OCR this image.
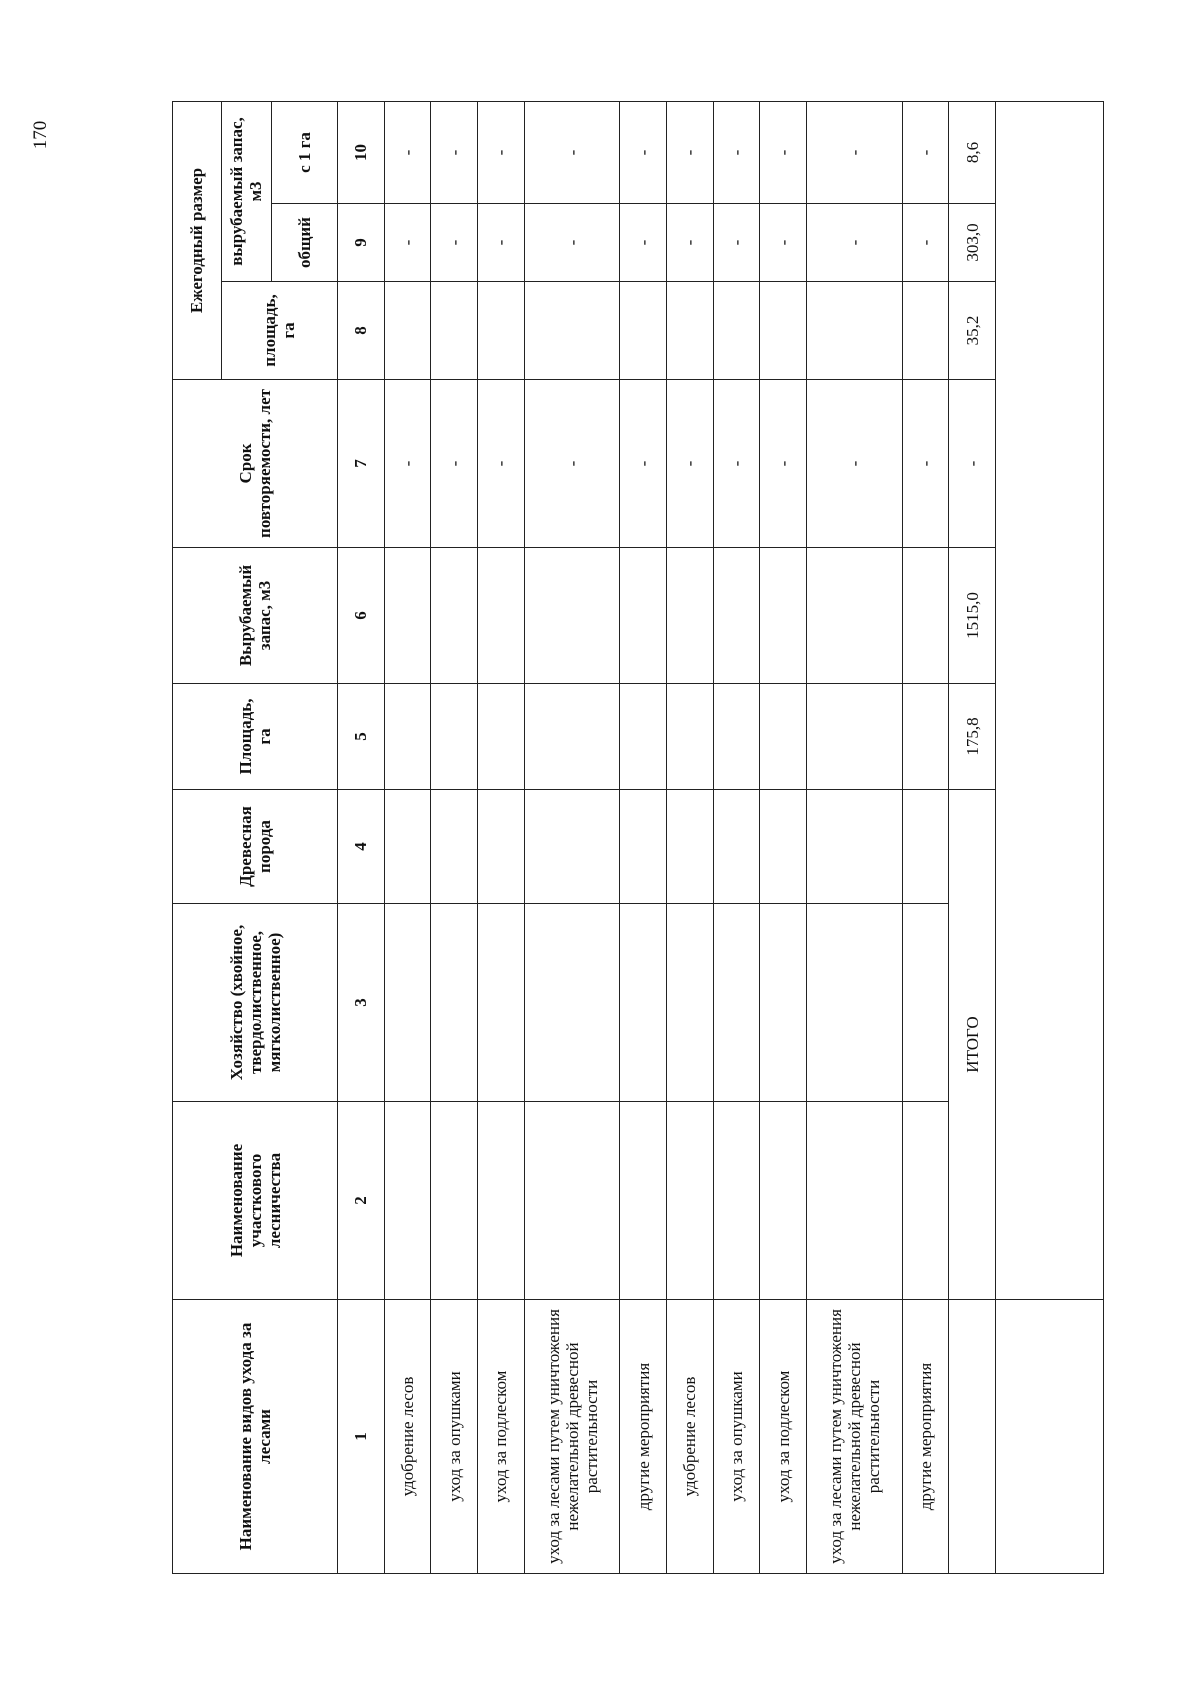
170
Наименование видов ухода за лесами	Наименование участкового лесничества	Хозяйство (хвойное, твердолиственное, мягколиственное)	Древесная порода	Площадь, га	Вырубаемый запас, м3	Срок повторяемости, лет	Ежегодный размер		
							площадь, га	вырубаемый запас, м3	
								общий	с 1 га
1	2	3	4	5	6	7	8	9	10
удобрение лесов						-		-	-
уход за опушками						-		-	-
уход за подлеском						-		-	-
уход за лесами путем уничтожения нежелательной древесной растительности						-		-	-
другие мероприятия						-		-	-
удобрение лесов						-		-	-
уход за опушками						-		-	-
уход за подлеском						-		-	-
уход за лесами путем уничтожения нежелательной древесной растительности						-		-	-
другие мероприятия						-		-	-
	ИТОГО			175,8	1515,0	-	35,2	303,0	8,6
